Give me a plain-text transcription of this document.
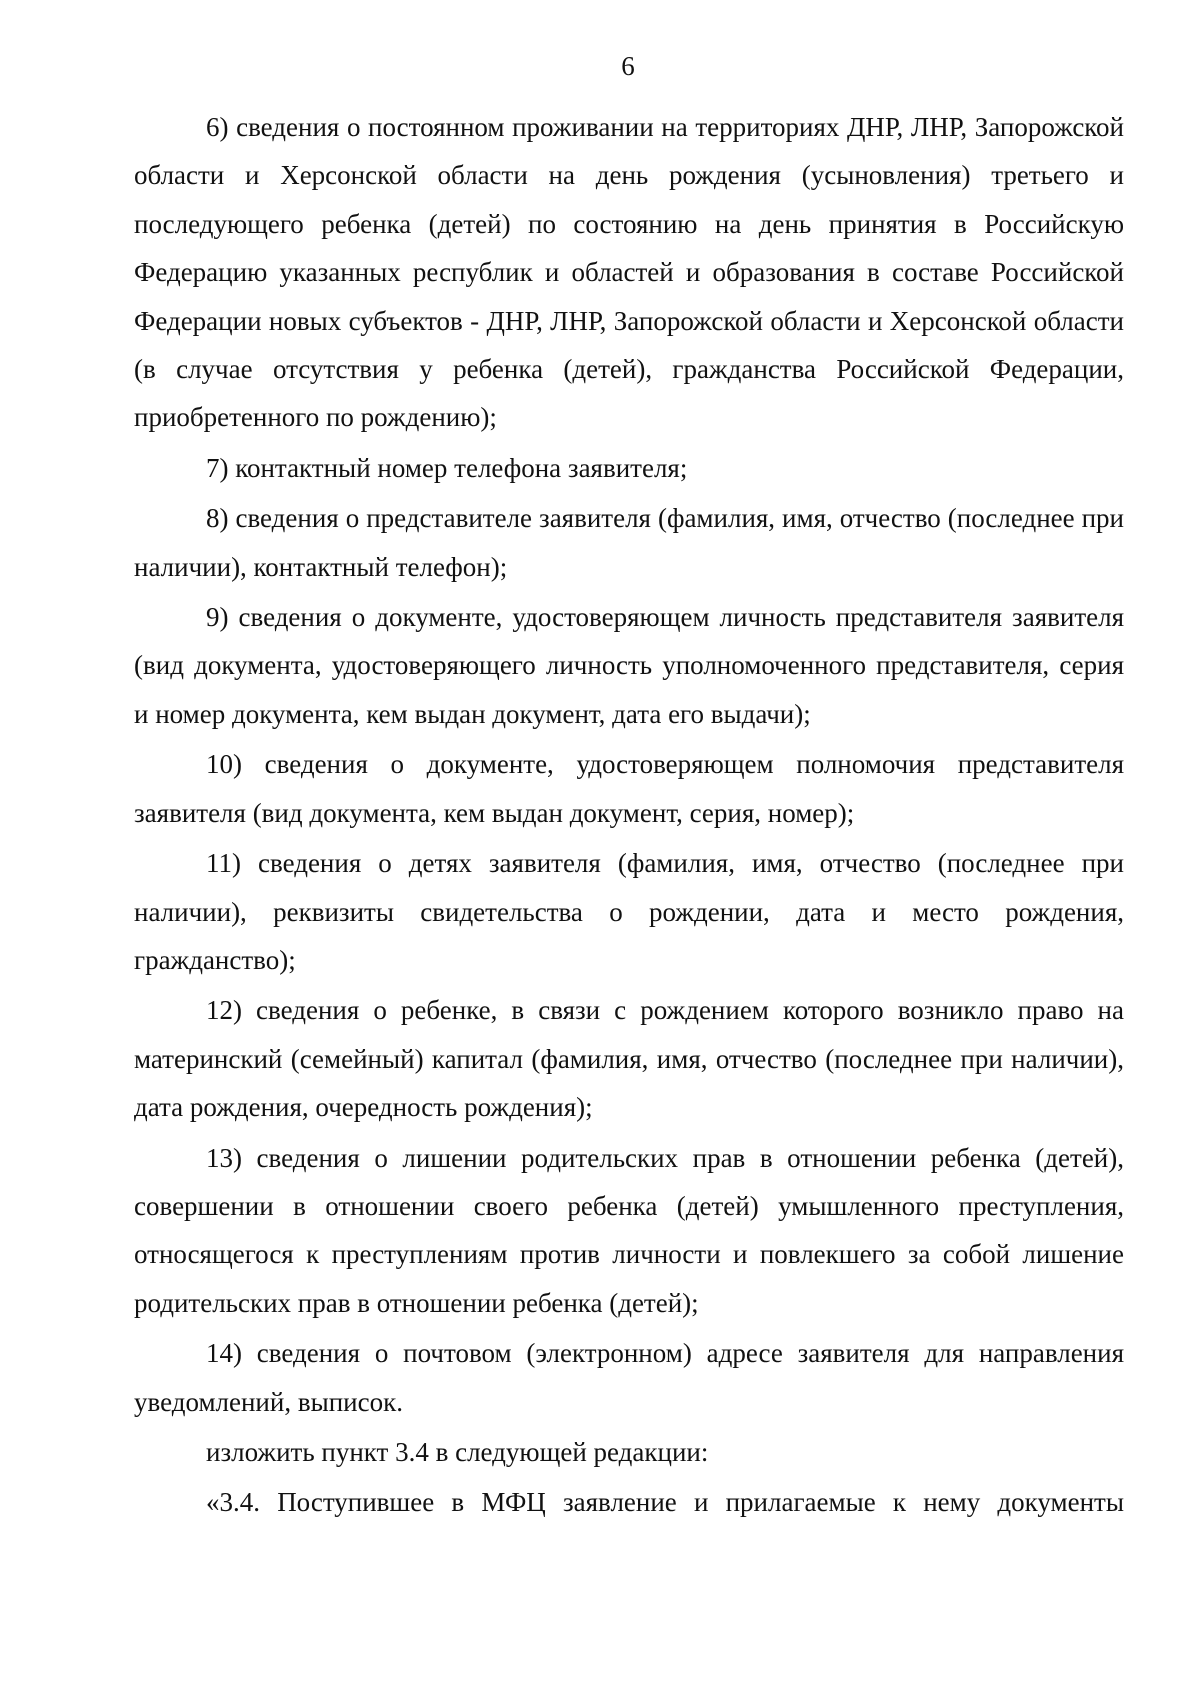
6

6) сведения о постоянном проживании на территориях ДНР, ЛНР, Запорожской области и Херсонской области на день рождения (усыновления) третьего и последующего ребенка (детей) по состоянию на день принятия в Российскую Федерацию указанных республик и областей и образования в составе Российской Федерации новых субъектов - ДНР, ЛНР, Запорожской области и Херсонской области (в случае отсутствия у ребенка (детей), гражданства Российской Федерации, приобретенного по рождению);

7) контактный номер телефона заявителя;

8) сведения о представителе заявителя (фамилия, имя, отчество (последнее при наличии), контактный телефон);

9) сведения о документе, удостоверяющем личность представителя заявителя (вид документа, удостоверяющего личность уполномоченного представителя, серия и номер документа, кем выдан документ, дата его выдачи);

10) сведения о документе, удостоверяющем полномочия представителя заявителя (вид документа, кем выдан документ, серия, номер);

11) сведения о детях заявителя (фамилия, имя, отчество (последнее при наличии), реквизиты свидетельства о рождении, дата и место рождения, гражданство);

12) сведения о ребенке, в связи с рождением которого возникло право на материнский (семейный) капитал (фамилия, имя, отчество (последнее при наличии), дата рождения, очередность рождения);

13) сведения о лишении родительских прав в отношении ребенка (детей), совершении в отношении своего ребенка (детей) умышленного преступления, относящегося к преступлениям против личности и повлекшего за собой лишение родительских прав в отношении ребенка (детей);

14) сведения о почтовом (электронном) адресе заявителя для направления уведомлений, выписок.

изложить пункт 3.4 в следующей редакции:

«3.4. Поступившее в МФЦ заявление и прилагаемые к нему документы
